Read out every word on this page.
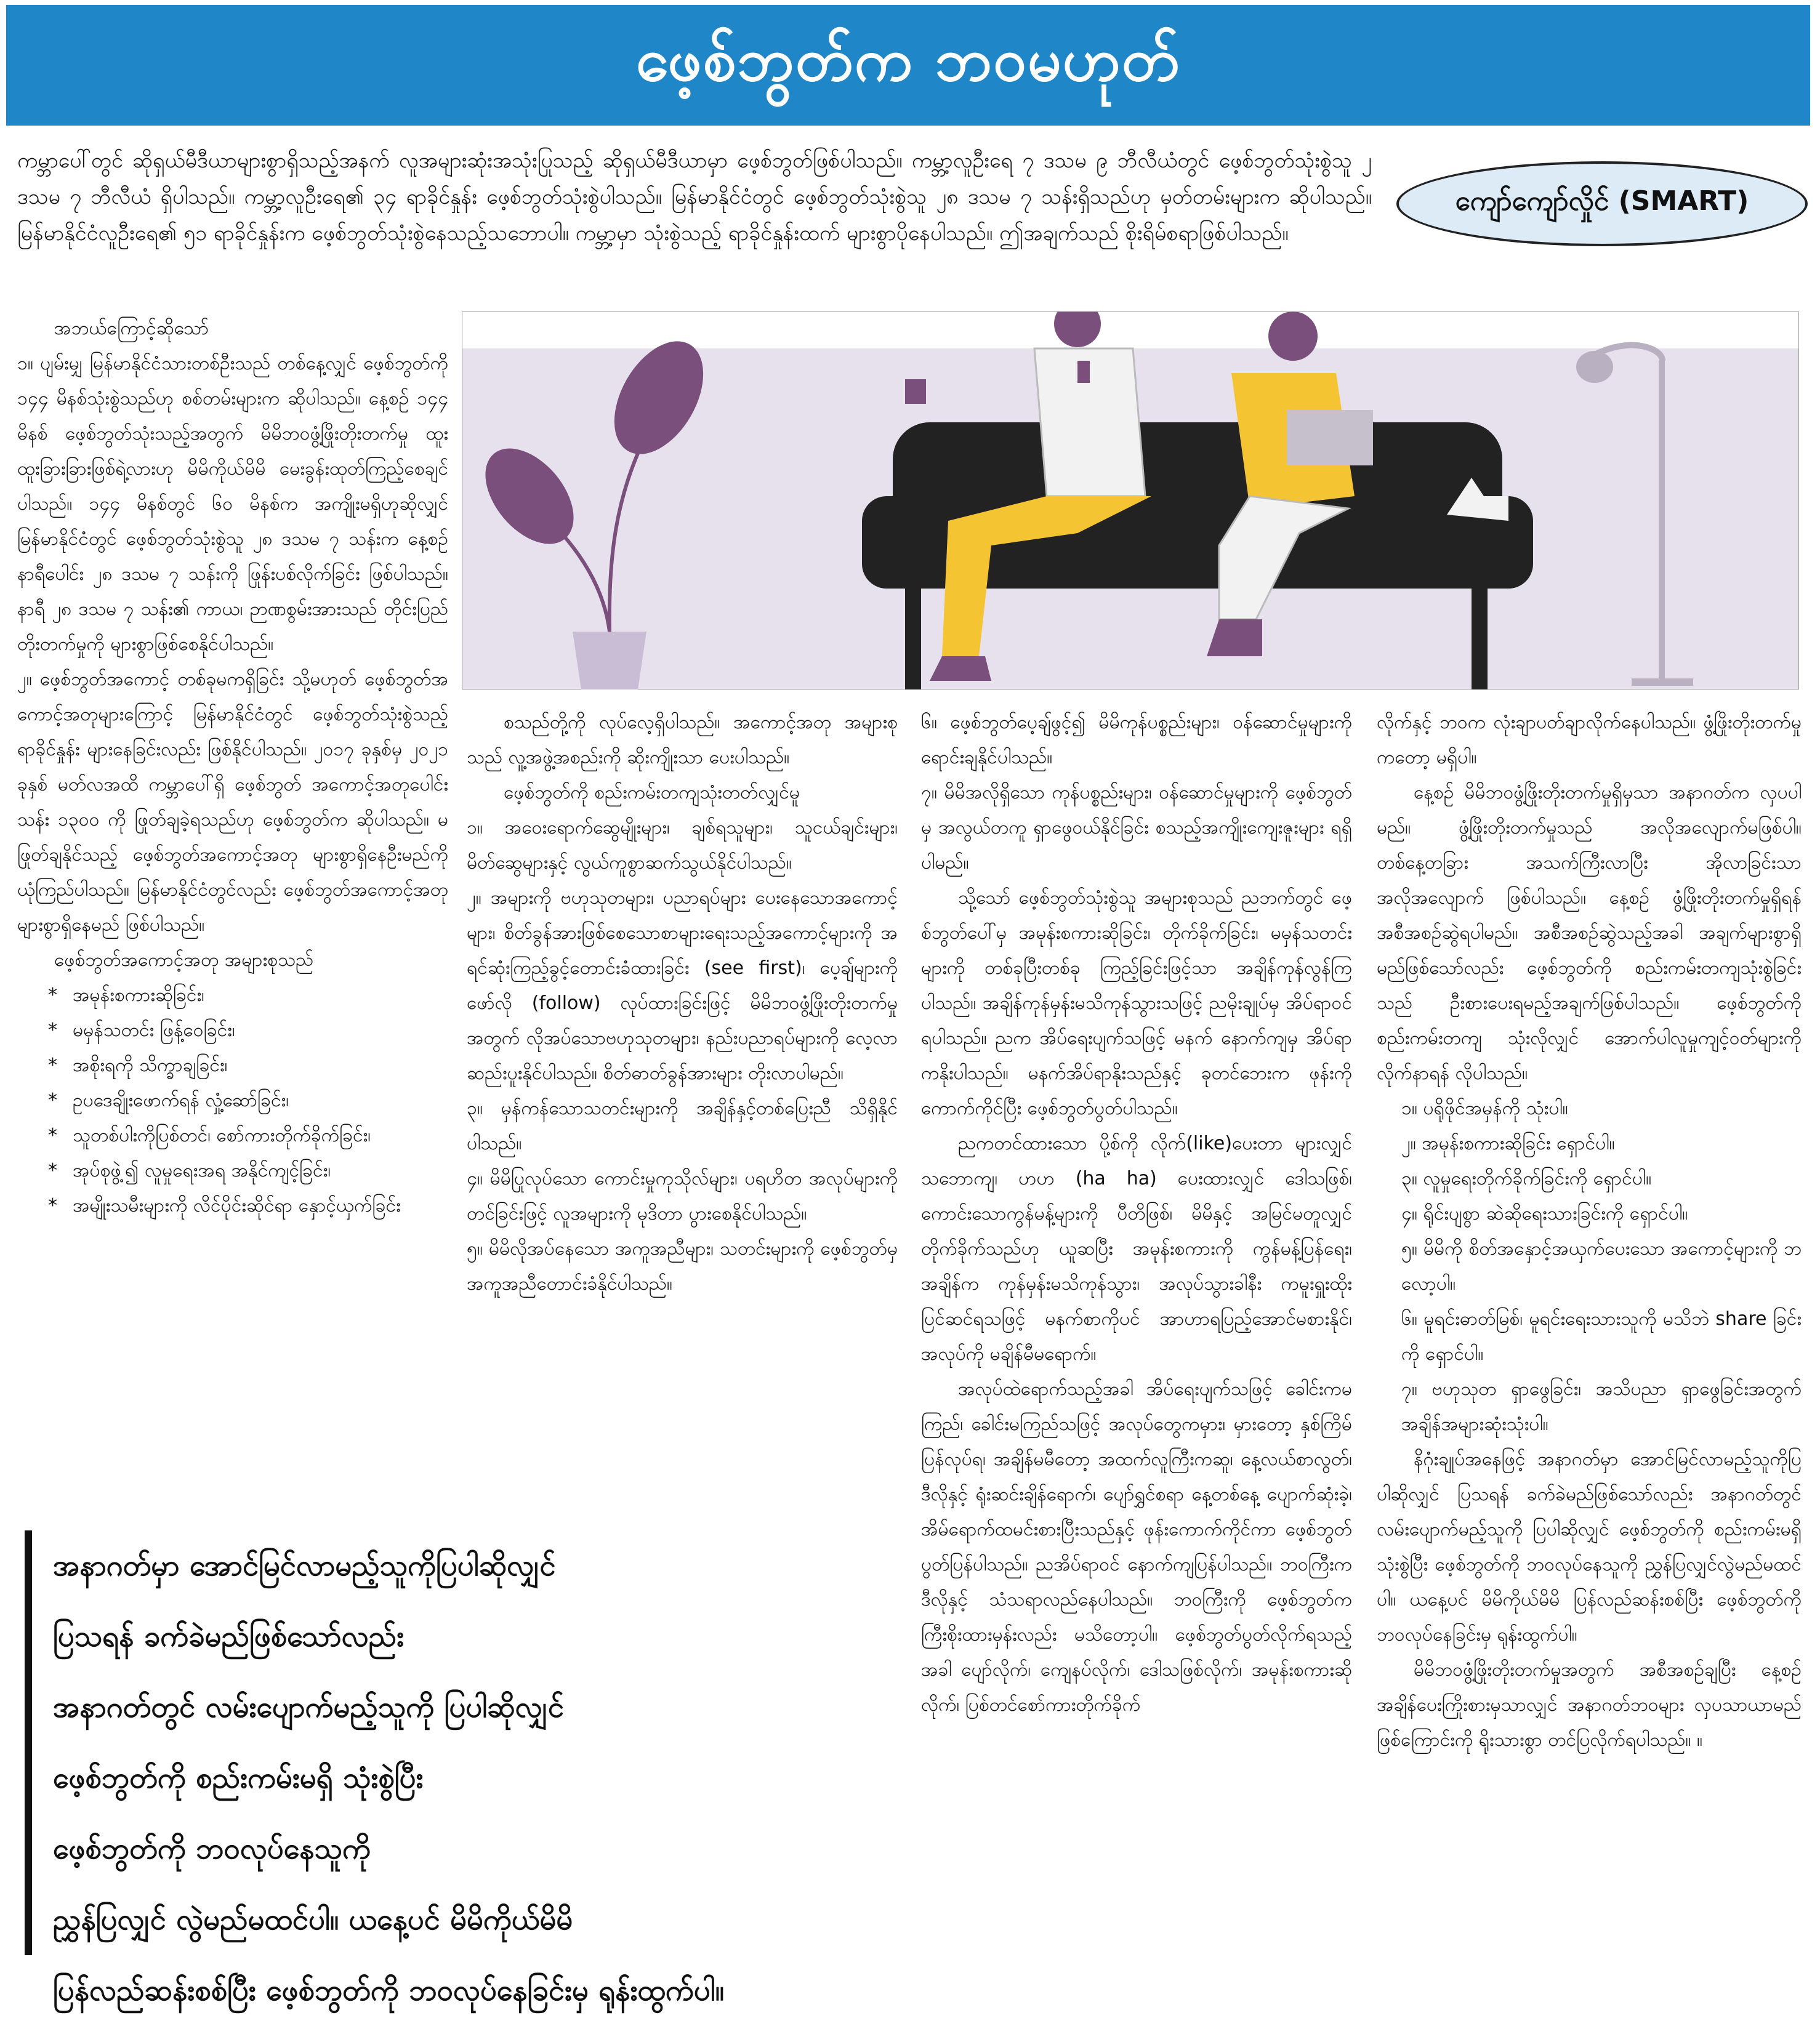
ဖေ့စ်ဘွတ်က ဘဝမဟုတ်
ကမ္ဘာပေါ်တွင် ဆိုရှယ်မီဒီယာများစွာရှိသည့်အနက် လူအများဆုံးအသုံးပြုသည့် ဆိုရှယ်မီဒီယာမှာ ဖေ့စ်ဘွတ်ဖြစ်ပါသည်။ ကမ္ဘာ့လူဦးရေ ၇ ဒသမ ၉ ဘီလီယံတွင် ဖေ့စ်ဘွတ်သုံးစွဲသူ ၂ ဒသမ ၇ ဘီလီယံ ရှိပါသည်။ ကမ္ဘာ့လူဦးရေ၏ ၃၄ ရာခိုင်နှုန်း ဖေ့စ်ဘွတ်သုံးစွဲပါသည်။ မြန်မာနိုင်ငံတွင် ဖေ့စ်ဘွတ်သုံးစွဲသူ ၂၈ ဒသမ ၇ သန်းရှိသည်ဟု မှတ်တမ်းများက ဆိုပါသည်။ မြန်မာနိုင်ငံလူဦးရေ၏ ၅၁ ရာခိုင်နှုန်းက ဖေ့စ်ဘွတ်သုံးစွဲနေသည့်သဘောပါ။ ကမ္ဘာ့မှာ သုံးစွဲသည့် ရာခိုင်နှုန်းထက် များစွာပိုနေပါသည်။ ဤအချက်သည် စိုးရိမ်စရာဖြစ်ပါသည်။
ကျော်ကျော်လှိုင် (SMART)

အဘယ်ကြောင့်ဆိုသော်

၁။ ပျမ်းမျှ မြန်မာနိုင်ငံသားတစ်ဦးသည် တစ်နေ့လျှင် ဖေ့စ်ဘွတ်ကို ၁၄၄ မိနစ်သုံးစွဲသည်ဟု စစ်တမ်းများက ဆိုပါသည်။ နေ့စဉ် ၁၄၄ မိနစ် ဖေ့စ်ဘွတ်သုံးသည့်အတွက် မိမိဘဝဖွံ့ဖြိုးတိုးတက်မှု ထူးထူးခြားခြားဖြစ်ရဲ့လားဟု မိမိကိုယ်မိမိ မေးခွန်းထုတ်ကြည့်စေချင်ပါသည်။ ၁၄၄ မိနစ်တွင် ၆၀ မိနစ်က အကျိုးမရှိဟုဆိုလျှင် မြန်မာနိုင်ငံတွင် ဖေ့စ်ဘွတ်သုံးစွဲသူ ၂၈ ဒသမ ၇ သန်းက နေ့စဉ် နာရီပေါင်း ၂၈ ဒသမ ၇ သန်းကို ဖြုန်းပစ်လိုက်ခြင်း ဖြစ်ပါသည်။ နာရီ ၂၈ ဒသမ ၇ သန်း၏ ကာယ၊ ဉာဏစွမ်းအားသည် တိုင်းပြည်တိုးတက်မှုကို များစွာဖြစ်စေနိုင်ပါသည်။

၂။ ဖေ့စ်ဘွတ်အကောင့် တစ်ခုမကရှိခြင်း သို့မဟုတ် ဖေ့စ်ဘွတ်အကောင့်အတုများကြောင့် မြန်မာနိုင်ငံတွင် ဖေ့စ်ဘွတ်သုံးစွဲသည့် ရာခိုင်နှုန်း များနေခြင်းလည်း ဖြစ်နိုင်ပါသည်။ ၂၀၁၇ ခုနှစ်မှ ၂၀၂၁ ခုနှစ် မတ်လအထိ ကမ္ဘာပေါ်ရှိ ဖေ့စ်ဘွတ် အကောင့်အတုပေါင်း သန်း ၁၃၀၀ ကို ဖြုတ်ချခဲ့ရသည်ဟု ဖေ့စ်ဘွတ်က ဆိုပါသည်။ မဖြုတ်ချနိုင်သည့် ဖေ့စ်ဘွတ်အကောင့်အတု များစွာရှိနေဦးမည်ကို ယုံကြည်ပါသည်။ မြန်မာနိုင်ငံတွင်လည်း ဖေ့စ်ဘွတ်အကောင့်အတုများစွာရှိနေမည် ဖြစ်ပါသည်။

ဖေ့စ်ဘွတ်အကောင့်အတု အများစုသည်

* အမုန်းစကားဆိုခြင်း၊
* မမှန်သတင်း ဖြန့်ဝေခြင်း၊
* အစိုးရကို သိက္ခာချခြင်း၊
* ဥပဒေချိုးဖောက်ရန် လှုံ့ဆော်ခြင်း၊
* သူတစ်ပါးကိုပြစ်တင်၊ စော်ကားတိုက်ခိုက်ခြင်း၊
* အုပ်စုဖွဲ့၍ လူမှုရေးအရ အနိုင်ကျင့်ခြင်း၊
* အမျိုးသမီးများကို လိင်ပိုင်းဆိုင်ရာ နှောင့်ယှက်ခြင်း
အနာဂတ်မှာ အောင်မြင်လာမည့်သူကိုပြပါဆိုလျှင်
ပြသရန် ခက်ခဲမည်ဖြစ်သော်လည်း
အနာဂတ်တွင် လမ်းပျောက်မည့်သူကို ပြပါဆိုလျှင်
ဖေ့စ်ဘွတ်ကို စည်းကမ်းမရှိ သုံးစွဲပြီး
ဖေ့စ်ဘွတ်ကို ဘဝလုပ်နေသူကို
ညွှန်ပြလျှင် လွဲမည်မထင်ပါ။ ယနေ့ပင် မိမိကိုယ်မိမိ
ပြန်လည်ဆန်းစစ်ပြီး ဖေ့စ်ဘွတ်ကို ဘဝလုပ်နေခြင်းမှ ရုန်းထွက်ပါ။

စသည်တို့ကို လုပ်လေ့ရှိပါသည်။ အကောင့်အတု အများစုသည် လူ့အဖွဲ့အစည်းကို ဆိုးကျိုးသာ ပေးပါသည်။

ဖေ့စ်ဘွတ်ကို စည်းကမ်းတကျသုံးတတ်လျှင်မူ

၁။ အဝေးရောက်ဆွေမျိုးများ၊ ချစ်ရသူများ၊ သူငယ်ချင်းများ၊ မိတ်ဆွေများနှင့် လွယ်ကူစွာဆက်သွယ်နိုင်ပါသည်။

၂။ အများကို ဗဟုသုတများ၊ ပညာရပ်များ ပေးနေသောအကောင့်များ၊ စိတ်ခွန်အားဖြစ်စေသောစာများရေးသည့်အကောင့်များကို အရင်ဆုံးကြည့်ခွင့်တောင်းခံထားခြင်း (see first)၊ ပေ့ချ်များကို ဖော်လို (follow) လုပ်ထားခြင်းဖြင့် မိမိဘဝဖွံ့ဖြိုးတိုးတက်မှုအတွက် လိုအပ်သောဗဟုသုတများ၊ နည်းပညာရပ်များကို လေ့လာဆည်းပူးနိုင်ပါသည်။ စိတ်ဓာတ်ခွန်အားများ တိုးလာပါမည်။

၃။ မှန်ကန်သောသတင်းများကို အချိန်နှင့်တစ်ပြေးညီ သိရှိနိုင်ပါသည်။

၄။ မိမိပြုလုပ်သော ကောင်းမှုကုသိုလ်များ၊ ပရဟိတ အလုပ်များကို တင်ခြင်းဖြင့် လူအများကို မုဒိတာ ပွားစေနိုင်ပါသည်။

၅။ မိမိလိုအပ်နေသော အကူအညီများ၊ သတင်းများကို ဖေ့စ်ဘွတ်မှ အကူအညီတောင်းခံနိုင်ပါသည်။

၆။ ဖေ့စ်ဘွတ်ပေ့ချ်ဖွင့်၍ မိမိကုန်ပစ္စည်းများ၊ ဝန်ဆောင်မှုများကို ရောင်းချနိုင်ပါသည်။

၇။ မိမိအလိုရှိသော ကုန်ပစ္စည်းများ၊ ဝန်ဆောင်မှုများကို ဖေ့စ်ဘွတ်မှ အလွယ်တကူ ရှာဖွေဝယ်နိုင်ခြင်း စသည့်အကျိုးကျေးဇူးများ ရရှိပါမည်။

သို့သော် ဖေ့စ်ဘွတ်သုံးစွဲသူ အများစုသည် ညဘက်တွင် ဖေ့စ်ဘွတ်ပေါ်မှ အမုန်းစကားဆိုခြင်း၊ တိုက်ခိုက်ခြင်း၊ မမှန်သတင်းများကို တစ်ခုပြီးတစ်ခု ကြည့်ခြင်းဖြင့်သာ အချိန်ကုန်လွန်ကြပါသည်။ အချိန်ကုန်မှန်းမသိကုန်သွားသဖြင့် ညမိုးချုပ်မှ အိပ်ရာဝင်ရပါသည်။ ညက အိပ်ရေးပျက်သဖြင့် မနက် နောက်ကျမှ အိပ်ရာကနိုးပါသည်။ မနက်အိပ်ရာနိုးသည်နှင့် ခုတင်ဘေးက ဖုန်းကို ကောက်ကိုင်ပြီး ဖေ့စ်ဘွတ်ပွတ်ပါသည်။

ညကတင်ထားသော ပို့စ်ကို လိုက်(like)ပေးတာ များလျှင် သဘောကျ၊ ဟဟ (ha ha) ပေးထားလျှင် ဒေါသဖြစ်၊ ကောင်းသောကွန်မန့်များကို ပီတိဖြစ်၊ မိမိနှင့် အမြင်မတူလျှင် တိုက်ခိုက်သည်ဟု ယူဆပြီး အမုန်းစကားကို ကွန်မန့်ပြန်ရေး၊ အချိန်က ကုန်မှန်းမသိကုန်သွား၊ အလုပ်သွားခါနီး ကမူးရှူးထိုး ပြင်ဆင်ရသဖြင့် မနက်စာကိုပင် အာဟာရပြည့်အောင်မစားနိုင်၊ အလုပ်ကို မချိန်မီမရောက်။

အလုပ်ထဲရောက်သည့်အခါ အိပ်ရေးပျက်သဖြင့် ခေါင်းကမကြည်၊ ခေါင်းမကြည်သဖြင့် အလုပ်တွေကမှား၊ မှားတော့ နှစ်ကြိမ်ပြန်လုပ်ရ၊ အချိန်မမီတော့ အထက်လူကြီးကဆူ၊ နေ့လယ်စာလွတ်၊ ဒီလိုနှင့် ရုံးဆင်းချိန်ရောက်၊ ပျော်ရွှင်စရာ နေ့တစ်နေ့ ပျောက်ဆုံးခဲ့၊ အိမ်ရောက်ထမင်းစားပြီးသည်နှင့် ဖုန်းကောက်ကိုင်ကာ ဖေ့စ်ဘွတ်ပွတ်ပြန်ပါသည်။ ညအိပ်ရာဝင် နောက်ကျပြန်ပါသည်။ ဘဝကြီးက ဒီလိုနှင့် သံသရာလည်နေပါသည်။ ဘဝကြီးကို ဖေ့စ်ဘွတ်က ကြီးစိုးထားမှန်းလည်း မသိတော့ပါ။ ဖေ့စ်ဘွတ်ပွတ်လိုက်ရသည့်အခါ ပျော်လိုက်၊ ကျေနပ်လိုက်၊ ဒေါသဖြစ်လိုက်၊ အမုန်းစကားဆိုလိုက်၊ ပြစ်တင်စော်ကားတိုက်ခိုက်

လိုက်နှင့် ဘဝက လုံးချာပတ်ချာလိုက်နေပါသည်။ ဖွံ့ဖြိုးတိုးတက်မှုကတော့ မရှိပါ။

နေ့စဉ် မိမိဘဝဖွံ့ဖြိုးတိုးတက်မှုရှိမှသာ အနာဂတ်က လှပပါမည်။ ဖွံ့ဖြိုးတိုးတက်မှုသည် အလိုအလျောက်မဖြစ်ပါ။ တစ်နေ့တခြား အသက်ကြီးလာပြီး အိုလာခြင်းသာ အလိုအလျောက် ဖြစ်ပါသည်။ နေ့စဉ် ဖွံ့ဖြိုးတိုးတက်မှုရှိရန် အစီအစဉ်ဆွဲရပါမည်။ အစီအစဉ်ဆွဲသည့်အခါ အချက်များစွာရှိမည်ဖြစ်သော်လည်း ဖေ့စ်ဘွတ်ကို စည်းကမ်းတကျသုံးစွဲခြင်းသည် ဦးစားပေးရမည့်အချက်ဖြစ်ပါသည်။ ဖေ့စ်ဘွတ်ကို စည်းကမ်းတကျ သုံးလိုလျှင် အောက်ပါလူမှုကျင့်ဝတ်များကို လိုက်နာရန် လိုပါသည်။

၁။ ပရိုဖိုင်အမှန်ကို သုံးပါ။
၂။ အမုန်းစကားဆိုခြင်း ရှောင်ပါ။
၃။ လူမှုရေးတိုက်ခိုက်ခြင်းကို ရှောင်ပါ။
၄။ ရိုင်းပျစွာ ဆဲဆိုရေးသားခြင်းကို ရှောင်ပါ။
၅။ မိမိကို စိတ်အနှောင့်အယှက်ပေးသော အကောင့်များကို ဘလော့ပါ။
၆။ မူရင်းဓာတ်မြစ်၊ မူရင်းရေးသားသူကို မသိဘဲ share ခြင်းကို ရှောင်ပါ။
၇။ ဗဟုသုတ ရှာဖွေခြင်း၊ အသိပညာ ရှာဖွေခြင်းအတွက် အချိန်အများဆုံးသုံးပါ။

နိဂုံးချုပ်အနေဖြင့် အနာဂတ်မှာ အောင်မြင်လာမည့်သူကိုပြပါဆိုလျှင် ပြသရန် ခက်ခဲမည်ဖြစ်သော်လည်း အနာဂတ်တွင် လမ်းပျောက်မည့်သူကို ပြပါဆိုလျှင် ဖေ့စ်ဘွတ်ကို စည်းကမ်းမရှိ သုံးစွဲပြီး ဖေ့စ်ဘွတ်ကို ဘဝလုပ်နေသူကို ညွှန်ပြလျှင်လွဲမည်မထင်ပါ။ ယနေ့ပင် မိမိကိုယ်မိမိ ပြန်လည်ဆန်းစစ်ပြီး ဖေ့စ်ဘွတ်ကို ဘဝလုပ်နေခြင်းမှ ရုန်းထွက်ပါ။

မိမိဘဝဖွံ့ဖြိုးတိုးတက်မှုအတွက် အစီအစဉ်ချပြီး နေ့စဉ်အချိန်ပေးကြိုးစားမှသာလျှင် အနာဂတ်ဘဝများ လှပသာယာမည်ဖြစ်ကြောင်းကို ရိုးသားစွာ တင်ပြလိုက်ရပါသည်။ ။
